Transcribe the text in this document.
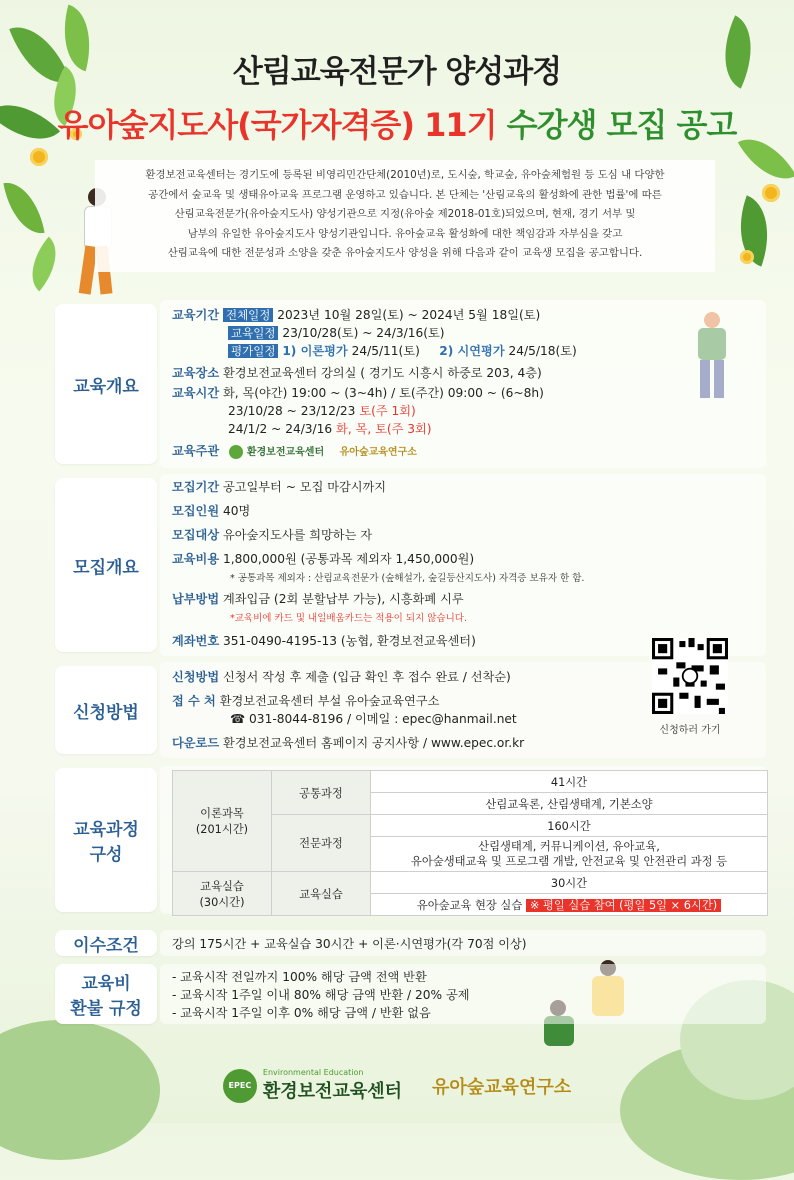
산림교육전문가 양성과정
유아숲지도사(국가자격증) 11기 수강생 모집 공고
환경보전교육센터는 경기도에 등록된 비영리민간단체(2010년)로, 도시숲, 학교숲, 유아숲체험원 등 도심 내 다양한
공간에서 숲교육 및 생태유아교육 프로그램 운영하고 있습니다. 본 단체는 '산림교육의 활성화에 관한 법률'에 따른
산림교육전문가(유아숲지도사) 양성기관으로 지정(유아숲 제2018-01호)되었으며, 현재, 경기 서부 및
남부의 유일한 유아숲지도사 양성기관입니다. 유아숲교육 활성화에 대한 책임감과 자부심을 갖고
산림교육에 대한 전문성과 소양을 갖춘 유아숲지도사 양성을 위해 다음과 같이 교육생 모집을 공고합니다.
교육개요
모집개요
신청방법
교육과정
구성
이수조건
교육비
환불 규정
교육기간 전체일정 2023년 10월 28일(토) ~ 2024년 5월 18일(토)
교육일정 23/10/28(토) ~ 24/3/16(토)
평가일정 1) 이론평가 24/5/11(토) 2) 시연평가 24/5/18(토)
교육장소 환경보전교육센터 강의실 ( 경기도 시흥시 하중로 203, 4층)
교육시간 화, 목(야간) 19:00 ~ (3~4h) / 토(주간) 09:00 ~ (6~8h)
23/10/28 ~ 23/12/23 토(주 1회)
24/1/2 ~ 24/3/16 화, 목, 토(주 3회)
교육주관	환경보전교육센터 유아숲교육연구소
모집기간 공고일부터 ~ 모집 마감시까지
모집인원 40명
모집대상 유아숲지도사를 희망하는 자
교육비용 1,800,000원 (공통과목 제외자 1,450,000원)
* 공통과목 제외자 : 산림교육전문가 (숲해설가, 숲길등산지도사) 자격증 보유자 한 함.
납부방법 계좌입금 (2회 분할납부 가능), 시흥화폐 시루
*교육비에 카드 및 내일배움카드는 적용이 되지 않습니다.
계좌번호 351-0490-4195-13 (농협, 환경보전교육센터)
신청방법 신청서 작성 후 제출 (입금 확인 후 접수 완료 / 선착순)
접 수 처 환경보전교육센터 부설 유아숲교육연구소
☎ 031-8044-8196 / 이메일 : epec@hanmail.net
다운로드 환경보전교육센터 홈페이지 공지사항 / www.epec.or.kr
신청하러 가기
이론과목
(201시간)	공통과정	41시간
		산림교육론, 산림생태계, 기본소양
	전문과정	160시간

		산림생태계, 커뮤니케이션, 유아교육,
유아숲생태교육 및 프로그램 개발, 안전교육 및 안전관리 과정 등

교육실습
(30시간)	교육실습	30시간
		유아숲교육 현장 실습 ※ 평일 실습 참여 (평일 5일 × 6시간)
강의 175시간 + 교육실습 30시간 + 이론·시연평가(각 70점 이상)
- 교육시작 전일까지 100% 해당 금액 전액 반환
- 교육시작 1주일 이내 80% 해당 금액 반환 / 20% 공제
- 교육시작 1주일 이후 0% 해당 금액 / 반환 없음
EPEC
Environmental Education
환경보전교육센터 유아숲교육연구소
